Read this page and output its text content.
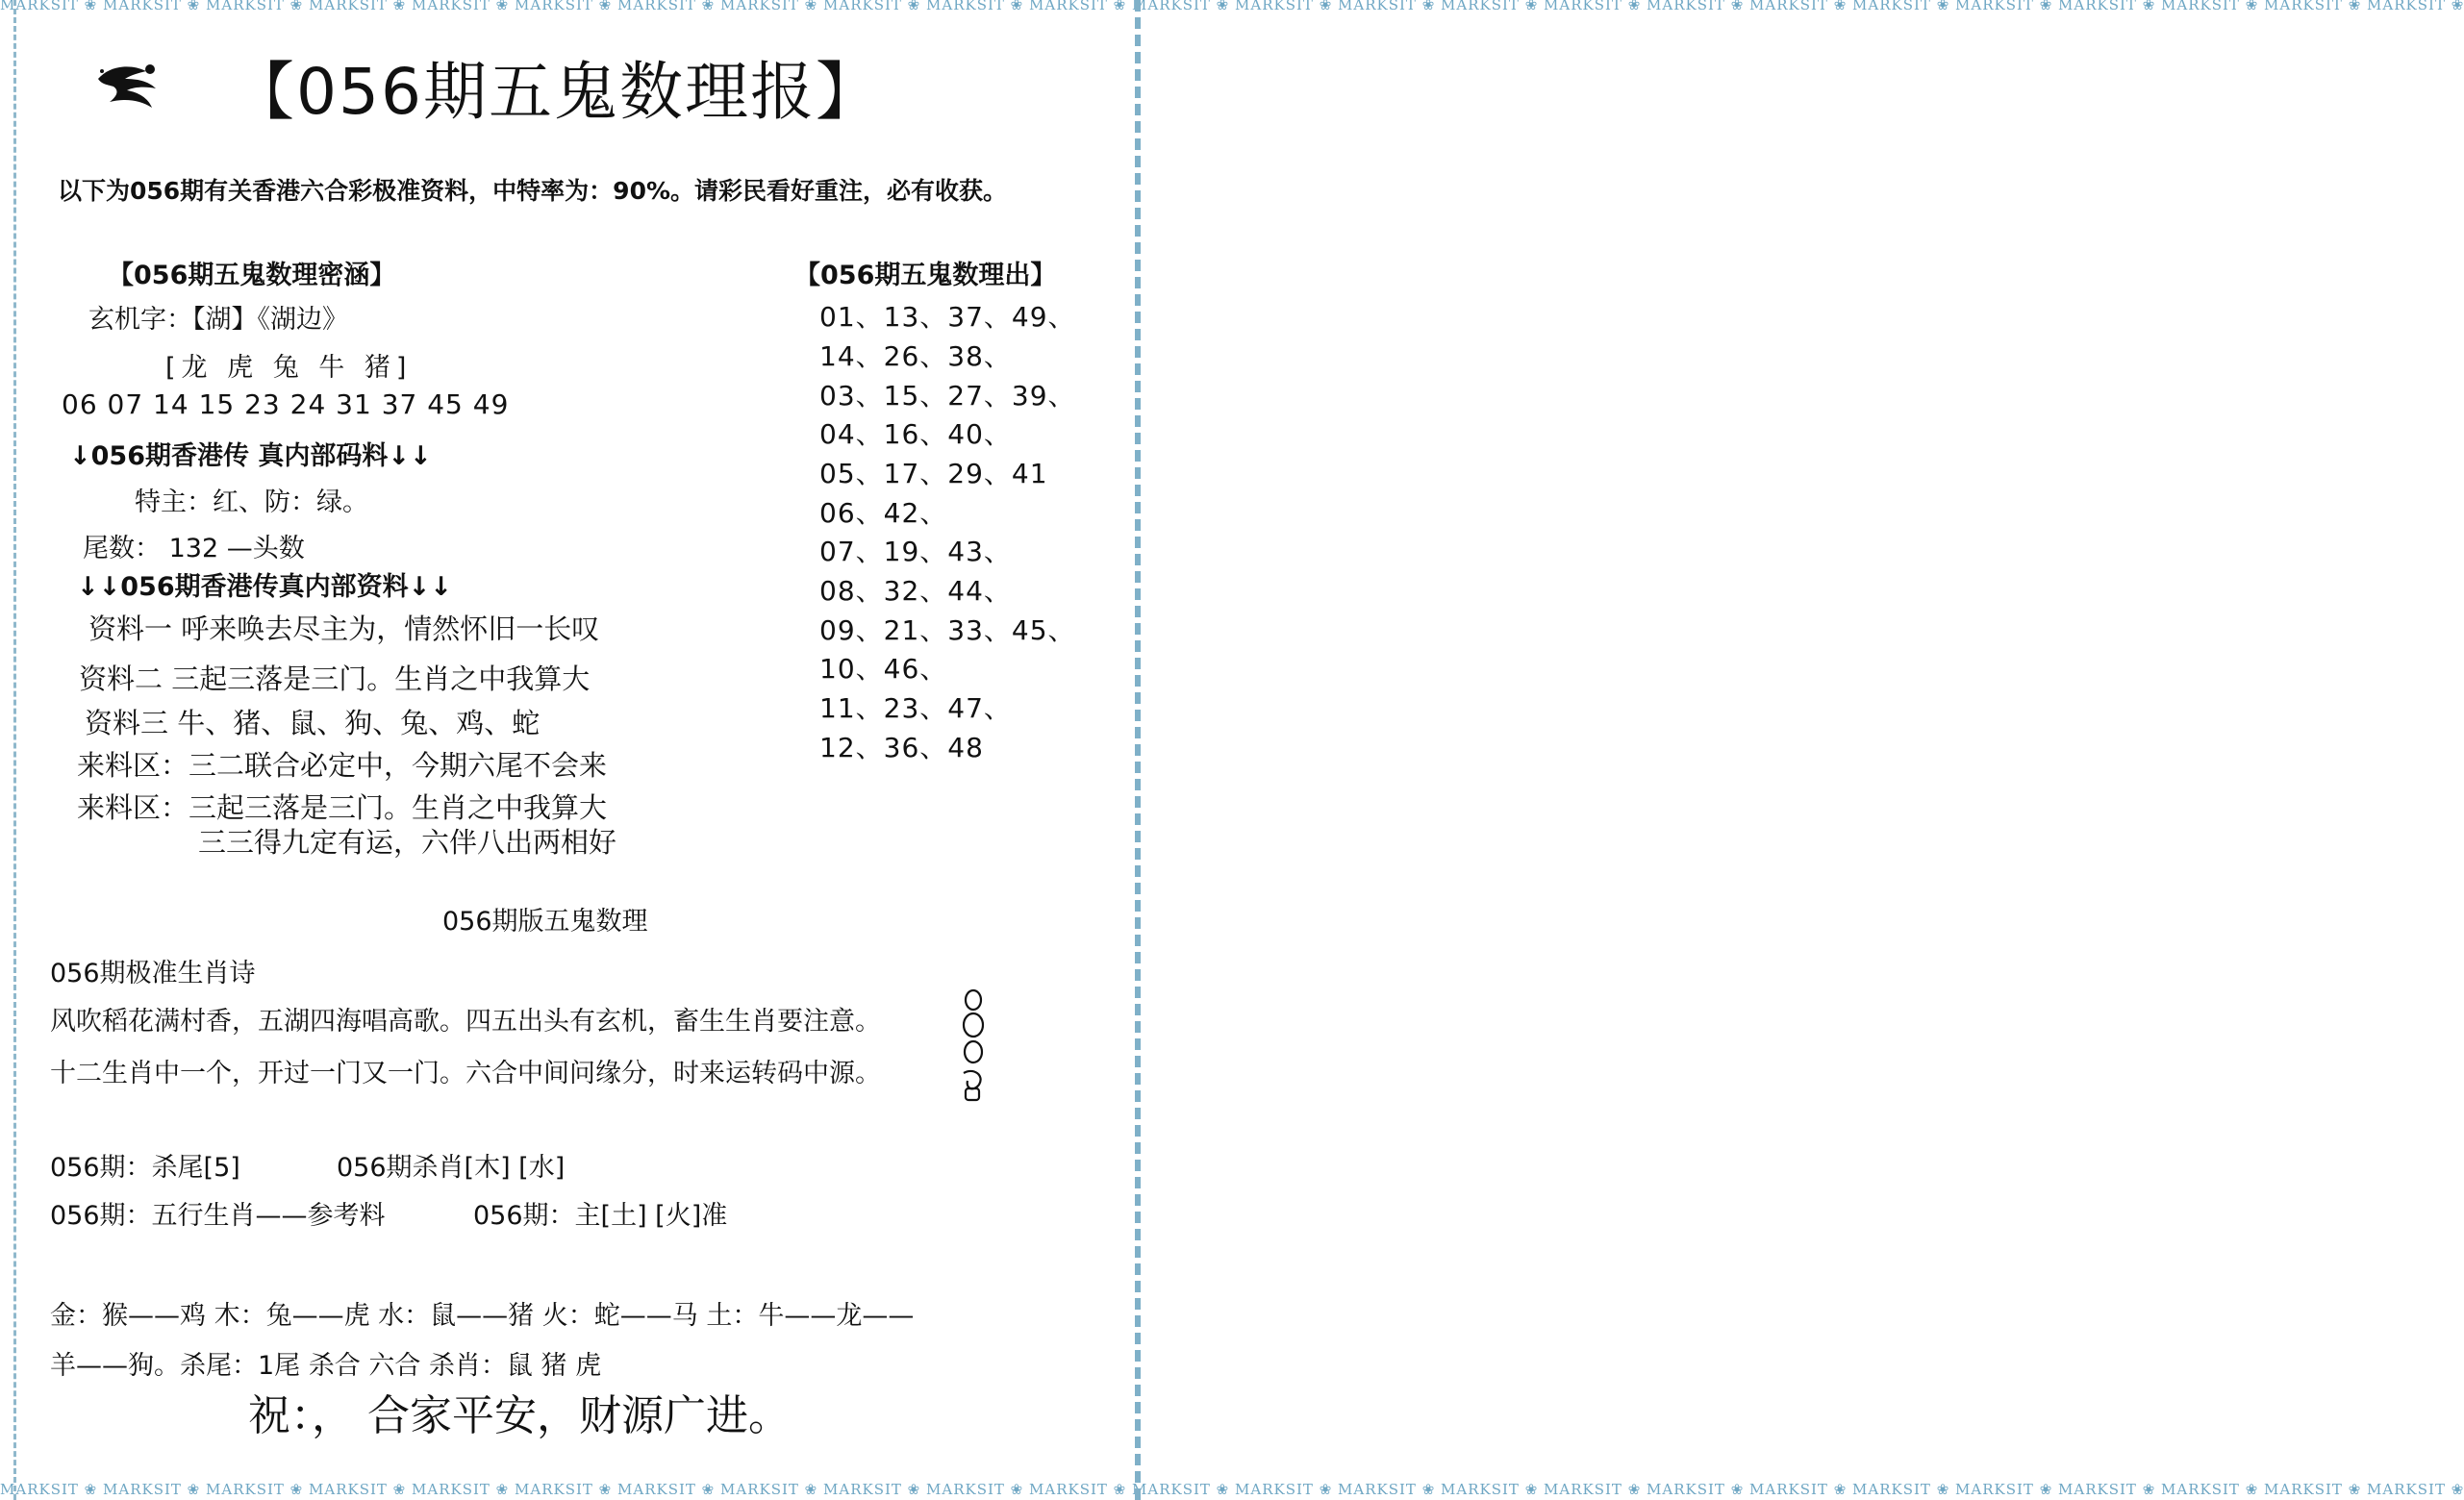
MARKSIT ❀ MARKSIT ❀ MARKSIT ❀ MARKSIT ❀ MARKSIT ❀ MARKSIT ❀ MARKSIT ❀ MARKSIT ❀ MARKSIT ❀ MARKSIT ❀ MARKSIT ❀ MARKSIT ❀ MARKSIT ❀ MARKSIT ❀ MARKSIT ❀ MARKSIT ❀ MARKSIT ❀ MARKSIT ❀ MARKSIT ❀ MARKSIT ❀ MARKSIT ❀ MARKSIT ❀ MARKSIT ❀ MARKSIT ❀
MARKSIT ❀ MARKSIT ❀ MARKSIT ❀ MARKSIT ❀ MARKSIT ❀ MARKSIT ❀ MARKSIT ❀ MARKSIT ❀ MARKSIT ❀ MARKSIT ❀ MARKSIT ❀ MARKSIT ❀ MARKSIT ❀ MARKSIT ❀ MARKSIT ❀ MARKSIT ❀ MARKSIT ❀ MARKSIT ❀ MARKSIT ❀ MARKSIT ❀ MARKSIT ❀ MARKSIT ❀ MARKSIT ❀ MARKSIT ❀
【056期五鬼数理报】
以下为056期有关香港六合彩极准资料，中特率为：90%。请彩民看好重注，必有收获。
【056期五鬼数理密涵】
玄机字：【湖】《湖边》
[龙 虎 兔 牛 猪]
06 07 14 15 23 24 31 37 45 49
↓056期香港传 真内部码料↓↓
特主：红、防：绿。
尾数： 132 —头数
↓↓056期香港传真内部资料↓↓
资料一 呼来唤去尽主为，情然怀旧一长叹
资料二 三起三落是三门。生肖之中我算大
资料三 牛、猪、鼠、狗、兔、鸡、蛇
来料区：三二联合必定中，今期六尾不会来
来料区：三起三落是三门。生肖之中我算大
三三得九定有运，六伴八出两相好
【056期五鬼数理出】
01、13、37、49、
14、26、38、
03、15、27、39、
04、16、40、
05、17、29、41
06、42、
07、19、43、
08、32、44、
09、21、33、45、
10、46、
11、23、47、
12、36、48
056期版五鬼数理
056期极准生肖诗
风吹稻花满村香，五湖四海唱高歌。四五出头有玄机，畜生生肖要注意。
十二生肖中一个，开过一门又一门。六合中间问缘分，时来运转码中源。
056期：杀尾[5]	056期杀肖[木] [水]
056期：五行生肖——参考料	056期：主[土] [火]准
金：猴——鸡 木：兔——虎 水：鼠——猪 火：蛇——马 土：牛——龙——
羊——狗。杀尾：1尾 杀合 六合 杀肖：鼠 猪 虎
祝：， 合家平安，财源广进。
